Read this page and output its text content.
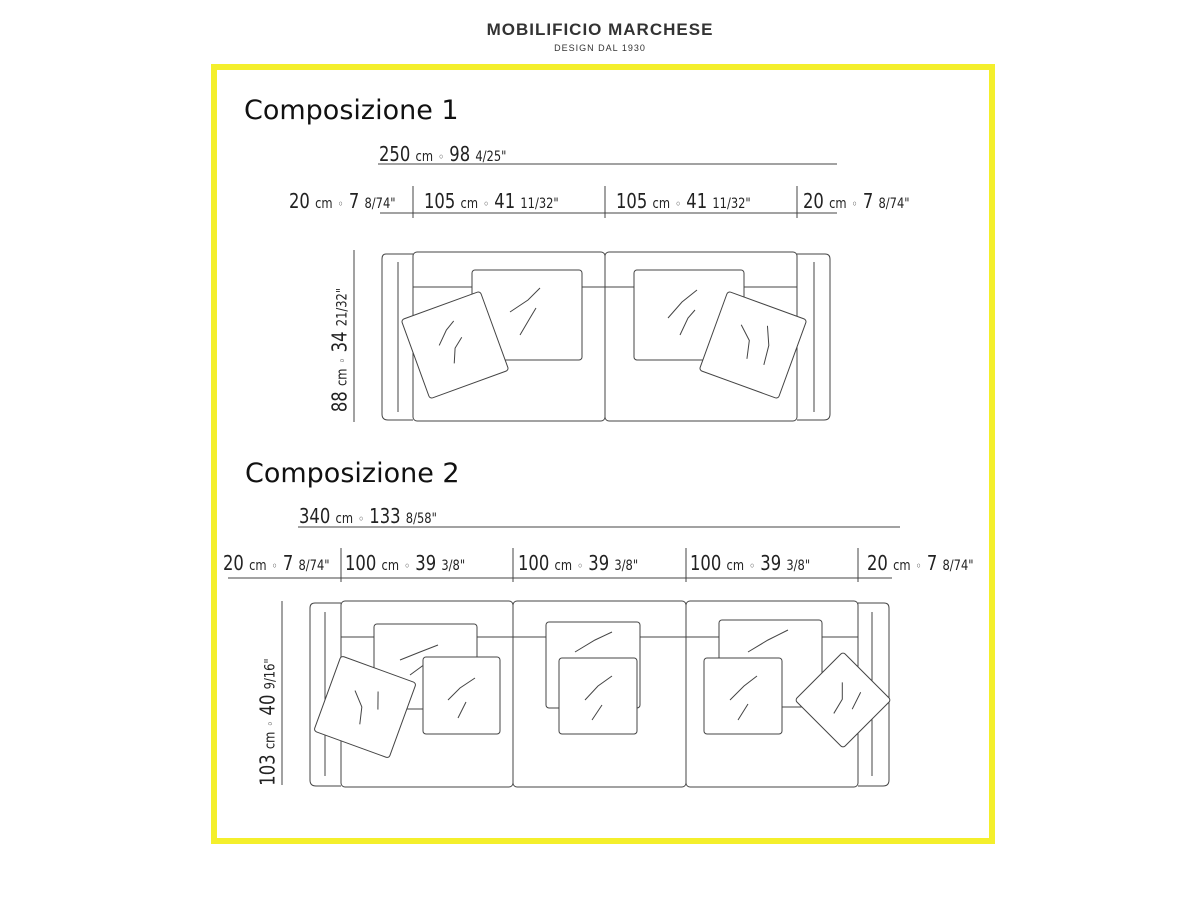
MOBILIFICIO MARCHESE
DESIGN DAL 1930
Composizione 1
250 cm ◦ 98 4/25"
20 cm ◦ 7 8/74" 105 cm ◦ 41 11/32"	105 cm ◦ 41 11/32"	20 cm ◦ 7 8/74"
88 cm ◦ 34 21/32"
Composizione 2
340 cm ◦ 133 8/58"
20 cm ◦ 7 8/74" 100 cm ◦ 39 3/8"	100 cm ◦ 39 3/8"	100 cm ◦ 39 3/8"	20 cm ◦ 7 8/74"
103 cm ◦ 40 9/16"
